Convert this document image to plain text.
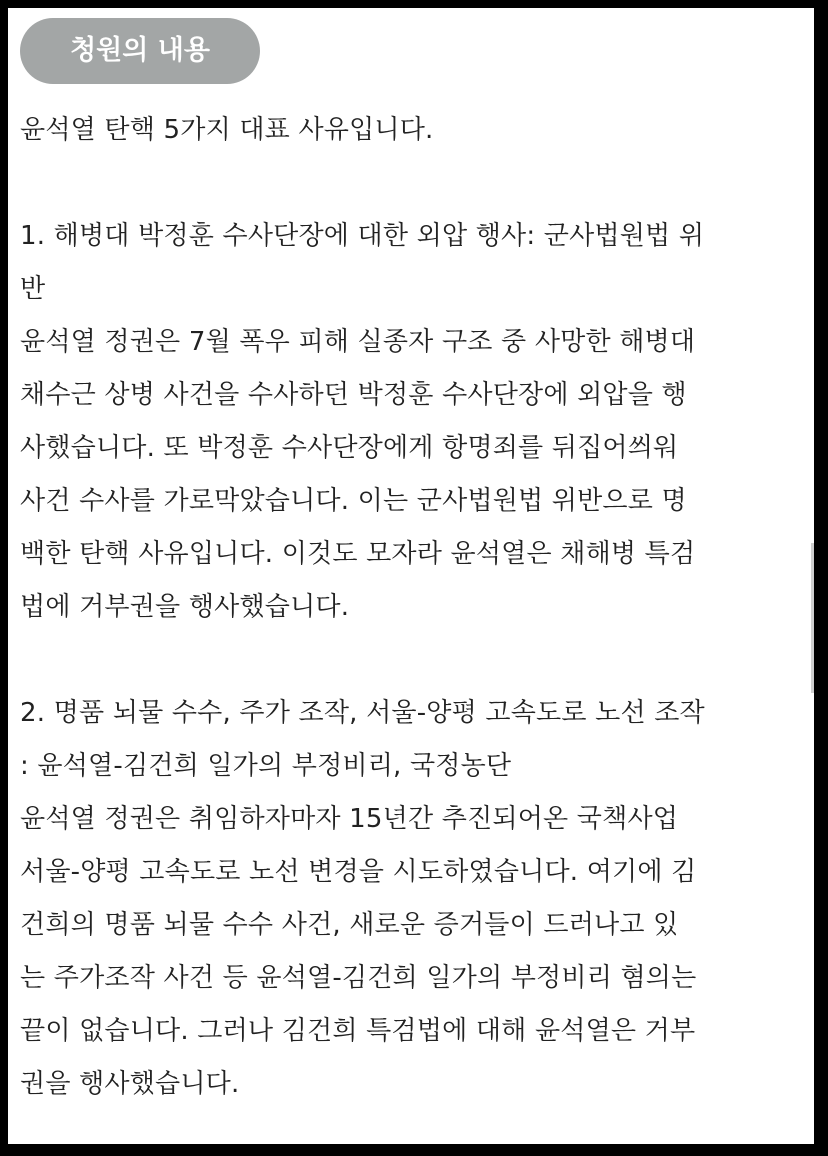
청원의 내용
윤석열 탄핵 5가지 대표 사유입니다.
1. 해병대 박정훈 수사단장에 대한 외압 행사: 군사법원법 위
반
윤석열 정권은 7월 폭우 피해 실종자 구조 중 사망한 해병대
채수근 상병 사건을 수사하던 박정훈 수사단장에 외압을 행
사했습니다. 또 박정훈 수사단장에게 항명죄를 뒤집어씌워
사건 수사를 가로막았습니다. 이는 군사법원법 위반으로 명
백한 탄핵 사유입니다. 이것도 모자라 윤석열은 채해병 특검
법에 거부권을 행사했습니다.
2. 명품 뇌물 수수, 주가 조작, 서울-양평 고속도로 노선 조작
: 윤석열-김건희 일가의 부정비리, 국정농단
윤석열 정권은 취임하자마자 15년간 추진되어온 국책사업
서울-양평 고속도로 노선 변경을 시도하였습니다. 여기에 김
건희의 명품 뇌물 수수 사건, 새로운 증거들이 드러나고 있
는 주가조작 사건 등 윤석열-김건희 일가의 부정비리 혐의는
끝이 없습니다. 그러나 김건희 특검법에 대해 윤석열은 거부
권을 행사했습니다.
